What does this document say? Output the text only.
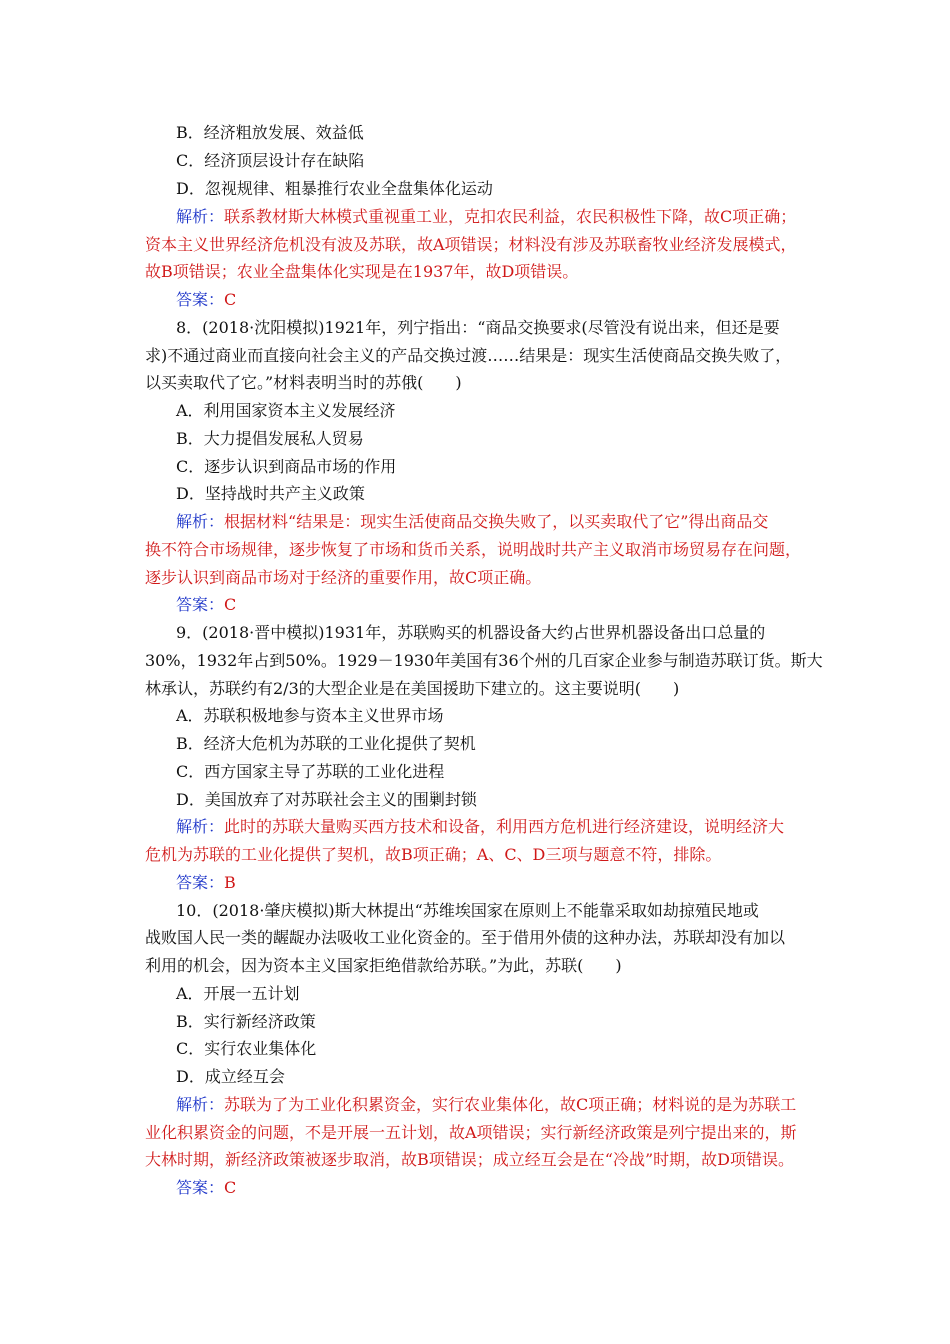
B．经济粗放发展、效益低
C．经济顶层设计存在缺陷
D．忽视规律、粗暴推行农业全盘集体化运动
解析：联系教材斯大林模式重视重工业，克扣农民利益，农民积极性下降，故C项正确；
资本主义世界经济危机没有波及苏联，故A项错误；材料没有涉及苏联畜牧业经济发展模式，
故B项错误；农业全盘集体化实现是在1937年，故D项错误。
答案：C
8．(2018·沈阳模拟)1921年，列宁指出：“商品交换要求(尽管没有说出来，但还是要
求)不通过商业而直接向社会主义的产品交换过渡……结果是：现实生活使商品交换失败了，
以买卖取代了它。”材料表明当时的苏俄(　　)
A．利用国家资本主义发展经济
B．大力提倡发展私人贸易
C．逐步认识到商品市场的作用
D．坚持战时共产主义政策
解析：根据材料“结果是：现实生活使商品交换失败了，以买卖取代了它”得出商品交
换不符合市场规律，逐步恢复了市场和货币关系，说明战时共产主义取消市场贸易存在问题，
逐步认识到商品市场对于经济的重要作用，故C项正确。
答案：C
9．(2018·晋中模拟)1931年，苏联购买的机器设备大约占世界机器设备出口总量的
30%，1932年占到50%。1929－1930年美国有36个州的几百家企业参与制造苏联订货。斯大
林承认，苏联约有2/3的大型企业是在美国援助下建立的。这主要说明(　　)
A．苏联积极地参与资本主义世界市场
B．经济大危机为苏联的工业化提供了契机
C．西方国家主导了苏联的工业化进程
D．美国放弃了对苏联社会主义的围剿封锁
解析：此时的苏联大量购买西方技术和设备，利用西方危机进行经济建设，说明经济大
危机为苏联的工业化提供了契机，故B项正确；A、C、D三项与题意不符，排除。
答案：B
10．(2018·肇庆模拟)斯大林提出“苏维埃国家在原则上不能靠采取如劫掠殖民地或
战败国人民一类的龌龊办法吸收工业化资金的。至于借用外债的这种办法，苏联却没有加以
利用的机会，因为资本主义国家拒绝借款给苏联。”为此，苏联(　　)
A．开展一五计划
B．实行新经济政策
C．实行农业集体化
D．成立经互会
解析：苏联为了为工业化积累资金，实行农业集体化，故C项正确；材料说的是为苏联工
业化积累资金的问题，不是开展一五计划，故A项错误；实行新经济政策是列宁提出来的，斯
大林时期，新经济政策被逐步取消，故B项错误；成立经互会是在“冷战”时期，故D项错误。
答案：C
